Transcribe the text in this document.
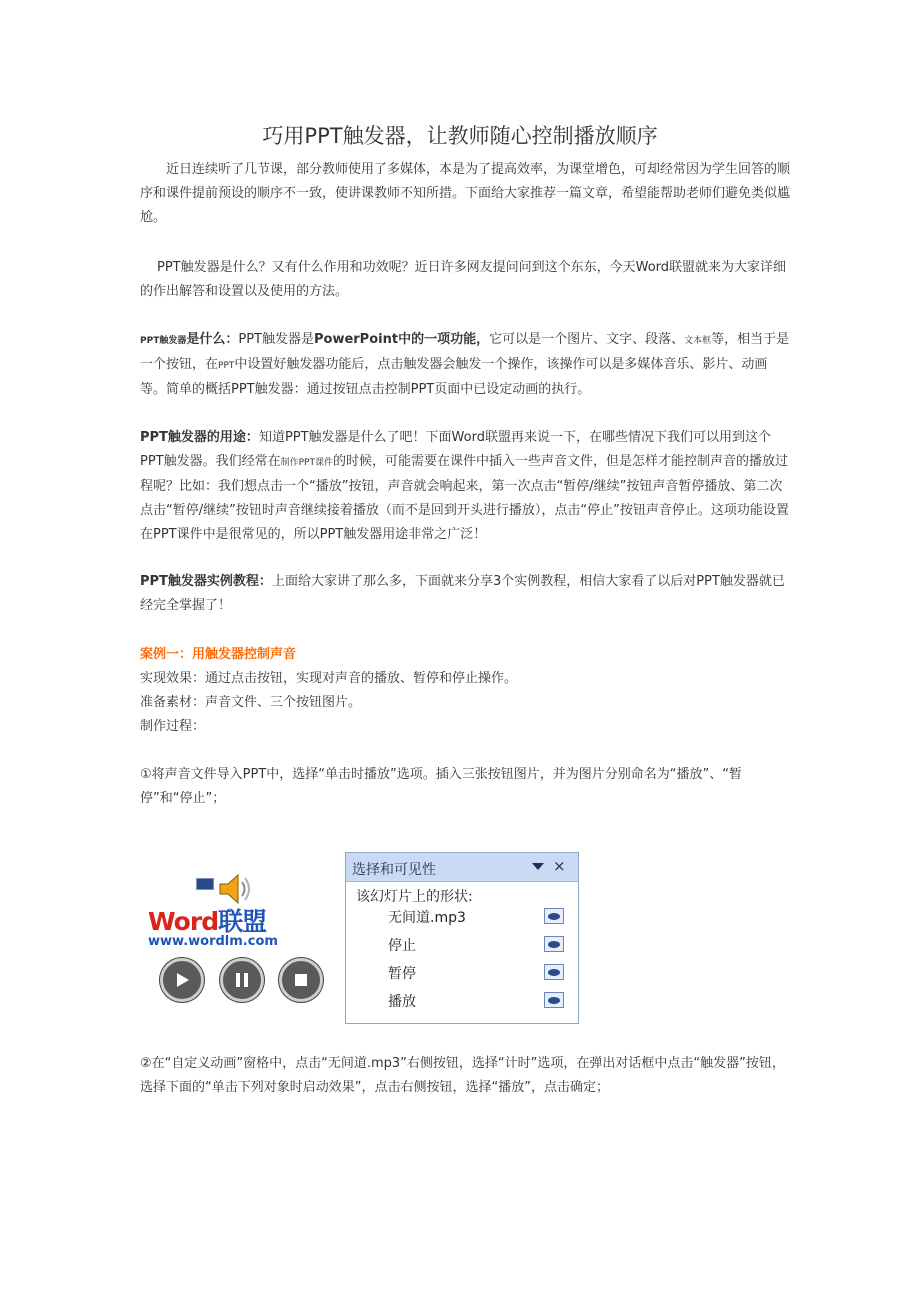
巧用PPT触发器，让教师随心控制播放顺序

近日连续听了几节课，部分教师使用了多媒体，本是为了提高效率，为课堂增色，可却经常因为学生回答的顺序和课件提前预设的顺序不一致，使讲课教师不知所措。下面给大家推荐一篇文章，希望能帮助老师们避免类似尴尬。

PPT触发器是什么？又有什么作用和功效呢？近日许多网友提问问到这个东东，今天Word联盟就来为大家详细的作出解答和设置以及使用的方法。

PPT触发器是什么：PPT触发器是PowerPoint中的一项功能，它可以是一个图片、文字、段落、文本框等，相当于是一个按钮，在PPT中设置好触发器功能后，点击触发器会触发一个操作，该操作可以是多媒体音乐、影片、动画等。简单的概括PPT触发器：通过按钮点击控制PPT页面中已设定动画的执行。

PPT触发器的用途：知道PPT触发器是什么了吧！下面Word联盟再来说一下，在哪些情况下我们可以用到这个PPT触发器。我们经常在制作PPT课件的时候，可能需要在课件中插入一些声音文件，但是怎样才能控制声音的播放过程呢？比如：我们想点击一个“播放”按钮，声音就会响起来，第一次点击“暂停/继续”按钮声音暂停播放、第二次点击“暂停/继续”按钮时声音继续接着播放（而不是回到开头进行播放），点击“停止”按钮声音停止。这项功能设置在PPT课件中是很常见的，所以PPT触发器用途非常之广泛！

PPT触发器实例教程：上面给大家讲了那么多，下面就来分享3个实例教程，相信大家看了以后对PPT触发器就已经完全掌握了！

案例一：用触发器控制声音

实现效果：通过点击按钮，实现对声音的播放、暂停和停止操作。

准备素材：声音文件、三个按钮图片。

制作过程：

①将声音文件导入PPT中，选择“单击时播放”选项。插入三张按钮图片，并为图片分别命名为“播放”、“暂停”和“停止”；

Word联盟
www.wordlm.com
选择和可见性	×
该幻灯片上的形状:
无间道.mp3
停止
暂停
播放

②在“自定义动画”窗格中，点击“无间道.mp3”右侧按钮，选择“计时”选项，在弹出对话框中点击“触发器”按钮，选择下面的“单击下列对象时启动效果”，点击右侧按钮，选择“播放”，点击确定；
